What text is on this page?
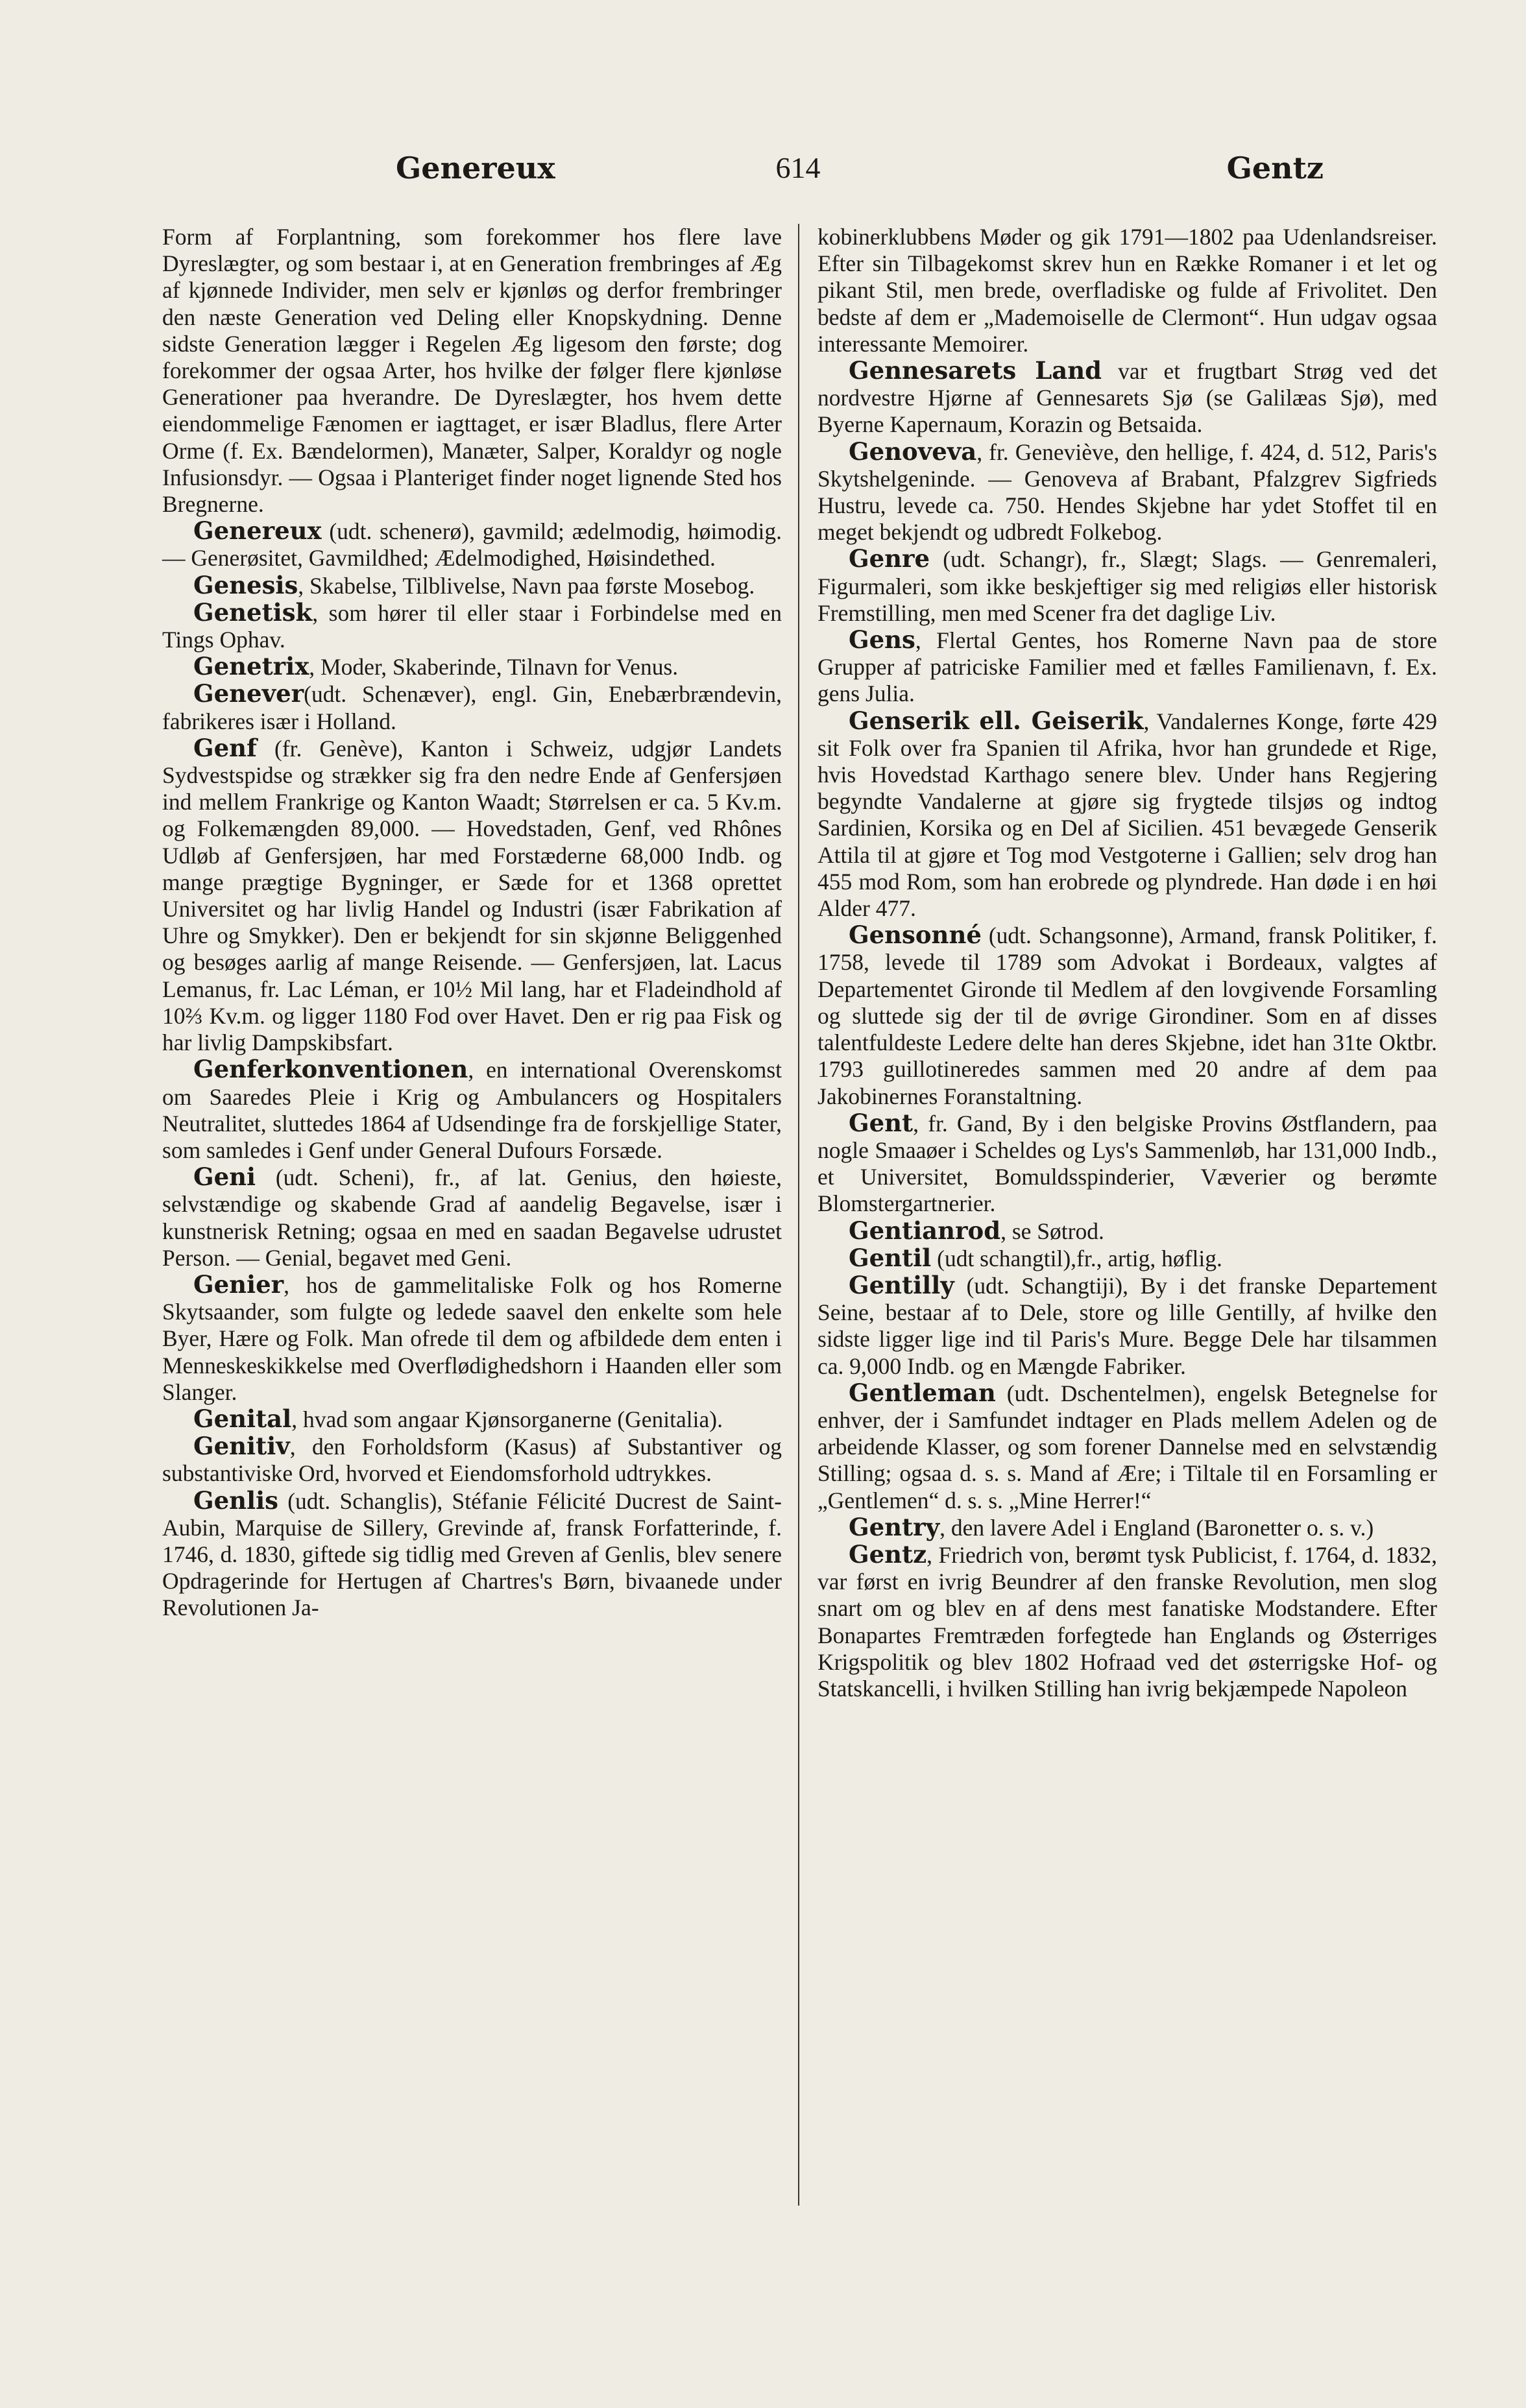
Genereux	614	Gentz

Form af Forplantning, som forekommer hos flere lave Dyreslægter, og som bestaar i, at en Generation frembringes af Æg af kjønnede Individer, men selv er kjønløs og derfor frembringer den næste Generation ved Deling eller Knopskydning. Denne sidste Generation lægger i Regelen Æg ligesom den første; dog forekommer der ogsaa Arter, hos hvilke der følger flere kjønløse Generationer paa hverandre. De Dyreslægter, hos hvem dette eiendommelige Fænomen er iagttaget, er især Bladlus, flere Arter Orme (f. Ex. Bændelormen), Manæter, Salper, Koraldyr og nogle Infusionsdyr. — Ogsaa i Planteriget finder noget lignende Sted hos Bregnerne.

Genereux (udt. schenerø), gavmild; ædelmodig, høimodig. — Generøsitet, Gavmildhed; Ædelmodighed, Høisindethed.

Genesis, Skabelse, Tilblivelse, Navn paa første Mosebog.

Genetisk, som hører til eller staar i Forbindelse med en Tings Ophav.

Genetrix, Moder, Skaberinde, Tilnavn for Venus.

Genever(udt. Schenæver), engl. Gin, Enebærbrændevin, fabrikeres især i Holland.

Genf (fr. Genève), Kanton i Schweiz, udgjør Landets Sydvestspidse og strækker sig fra den nedre Ende af Genfersjøen ind mellem Frankrige og Kanton Waadt; Størrelsen er ca. 5 Kv.m. og Folkemængden 89,000. — Hovedstaden, Genf, ved Rhônes Udløb af Genfersjøen, har med Forstæderne 68,000 Indb. og mange prægtige Bygninger, er Sæde for et 1368 oprettet Universitet og har livlig Handel og Industri (især Fabrikation af Uhre og Smykker). Den er bekjendt for sin skjønne Beliggenhed og besøges aarlig af mange Reisende. — Genfersjøen, lat. Lacus Lemanus, fr. Lac Léman, er 10½ Mil lang, har et Fladeindhold af 10⅔ Kv.m. og ligger 1180 Fod over Havet. Den er rig paa Fisk og har livlig Dampskibsfart.

Genferkonventionen, en international Overenskomst om Saaredes Pleie i Krig og Ambulancers og Hospitalers Neutralitet, sluttedes 1864 af Udsendinge fra de forskjellige Stater, som samledes i Genf under General Dufours Forsæde.

Geni (udt. Scheni), fr., af lat. Genius, den høieste, selvstændige og skabende Grad af aandelig Begavelse, især i kunstnerisk Retning; ogsaa en med en saadan Begavelse udrustet Person. — Genial, begavet med Geni.

Genier, hos de gammelitaliske Folk og hos Romerne Skytsaander, som fulgte og ledede saavel den enkelte som hele Byer, Hære og Folk. Man ofrede til dem og afbildede dem enten i Menneskeskikkelse med Overflødighedshorn i Haanden eller som Slanger.

Genital, hvad som angaar Kjønsorganerne (Genitalia).

Genitiv, den Forholdsform (Kasus) af Substantiver og substantiviske Ord, hvorved et Eiendomsforhold udtrykkes.

Genlis (udt. Schanglis), Stéfanie Félicité Ducrest de Saint-Aubin, Marquise de Sillery, Grevinde af, fransk Forfatterinde, f. 1746, d. 1830, giftede sig tidlig med Greven af Genlis, blev senere Opdragerinde for Hertugen af Chartres's Børn, bivaanede under Revolutionen Ja-

kobinerklubbens Møder og gik 1791—1802 paa Udenlandsreiser. Efter sin Tilbagekomst skrev hun en Række Romaner i et let og pikant Stil, men brede, overfladiske og fulde af Frivolitet. Den bedste af dem er „Mademoiselle de Clermont“. Hun udgav ogsaa interessante Memoirer.

Gennesarets Land var et frugtbart Strøg ved det nordvestre Hjørne af Gennesarets Sjø (se Galilæas Sjø), med Byerne Kapernaum, Korazin og Betsaida.

Genoveva, fr. Geneviève, den hellige, f. 424, d. 512, Paris's Skytshelgeninde. — Genoveva af Brabant, Pfalzgrev Sigfrieds Hustru, levede ca. 750. Hendes Skjebne har ydet Stoffet til en meget bekjendt og udbredt Folkebog.

Genre (udt. Schangr), fr., Slægt; Slags. — Genremaleri, Figurmaleri, som ikke beskjeftiger sig med religiøs eller historisk Fremstilling, men med Scener fra det daglige Liv.

Gens, Flertal Gentes, hos Romerne Navn paa de store Grupper af patriciske Familier med et fælles Familienavn, f. Ex. gens Julia.

Genserik ell. Geiserik, Vandalernes Konge, førte 429 sit Folk over fra Spanien til Afrika, hvor han grundede et Rige, hvis Hovedstad Karthago senere blev. Under hans Regjering begyndte Vandalerne at gjøre sig frygtede tilsjøs og indtog Sardinien, Korsika og en Del af Sicilien. 451 bevægede Genserik Attila til at gjøre et Tog mod Vestgoterne i Gallien; selv drog han 455 mod Rom, som han erobrede og plyndrede. Han døde i en høi Alder 477.

Gensonné (udt. Schangsonne), Armand, fransk Politiker, f. 1758, levede til 1789 som Advokat i Bordeaux, valgtes af Departementet Gironde til Medlem af den lovgivende Forsamling og sluttede sig der til de øvrige Girondiner. Som en af disses talentfuldeste Ledere delte han deres Skjebne, idet han 31te Oktbr. 1793 guillotineredes sammen med 20 andre af dem paa Jakobinernes Foranstaltning.

Gent, fr. Gand, By i den belgiske Provins Østflandern, paa nogle Smaaøer i Scheldes og Lys's Sammenløb, har 131,000 Indb., et Universitet, Bomuldsspinderier, Væverier og berømte Blomstergartnerier.

Gentianrod, se Søtrod.

Gentil (udt schangtil),fr., artig, høflig.

Gentilly (udt. Schangtiji), By i det franske Departement Seine, bestaar af to Dele, store og lille Gentilly, af hvilke den sidste ligger lige ind til Paris's Mure. Begge Dele har tilsammen ca. 9,000 Indb. og en Mængde Fabriker.

Gentleman (udt. Dschentelmen), engelsk Betegnelse for enhver, der i Samfundet indtager en Plads mellem Adelen og de arbeidende Klasser, og som forener Dannelse med en selvstændig Stilling; ogsaa d. s. s. Mand af Ære; i Tiltale til en Forsamling er „Gentlemen“ d. s. s. „Mine Herrer!“

Gentry, den lavere Adel i England (Baronetter o. s. v.)

Gentz, Friedrich von, berømt tysk Publicist, f. 1764, d. 1832, var først en ivrig Beundrer af den franske Revolution, men slog snart om og blev en af dens mest fanatiske Modstandere. Efter Bonapartes Fremtræden forfegtede han Englands og Østerriges Krigspolitik og blev 1802 Hofraad ved det østerrigske Hof- og Statskancelli, i hvilken Stilling han ivrig bekjæmpede Napoleon
